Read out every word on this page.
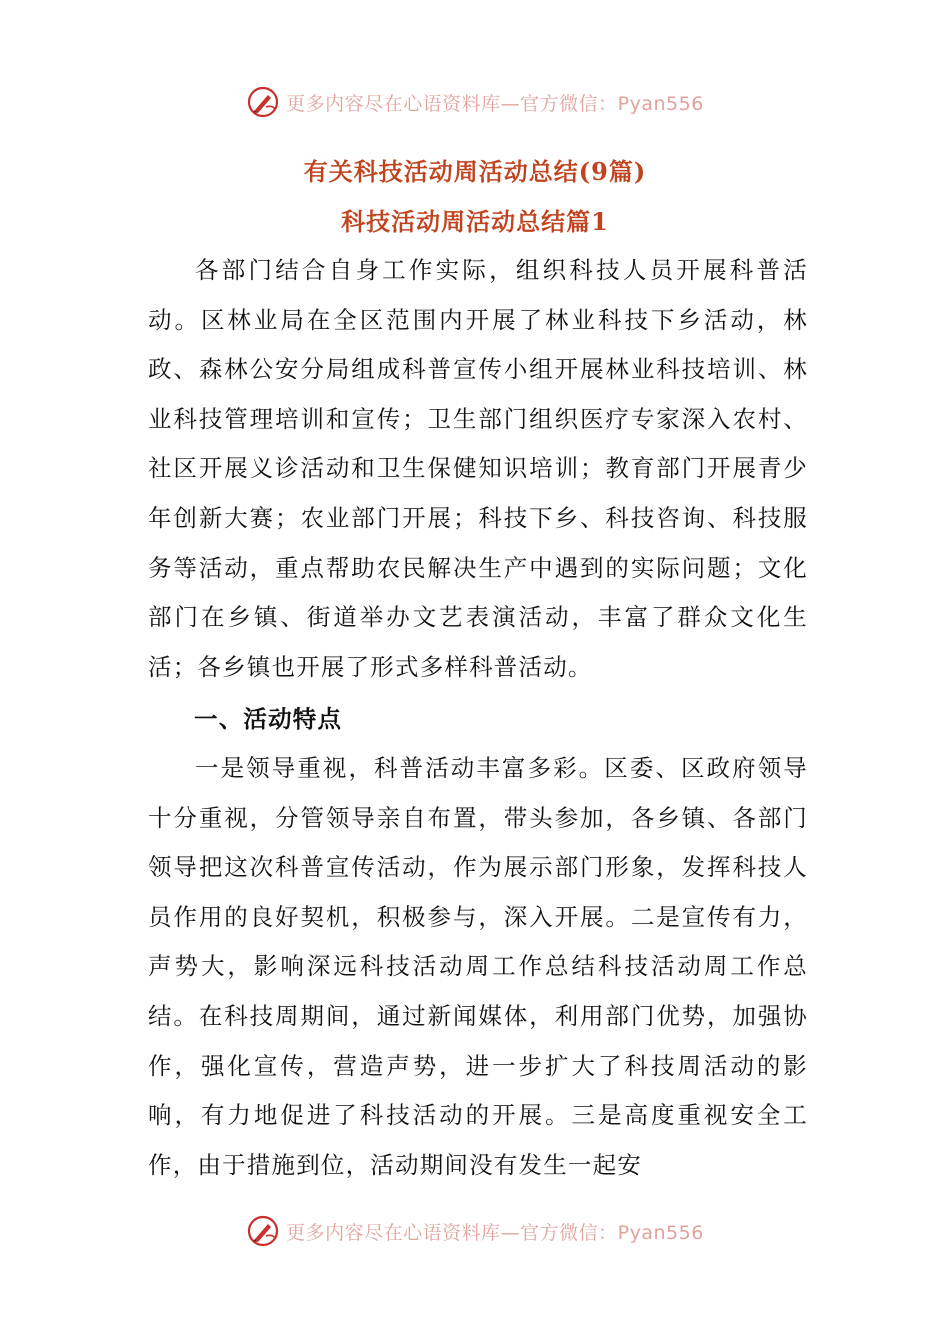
更多内容尽在心语资料库—官方微信：Pyan556
有关科技活动周活动总结(9篇)
科技活动周活动总结篇1

各部门结合自身工作实际，组织科技人员开展科普活动。区林业局在全区范围内开展了林业科技下乡活动，林政、森林公安分局组成科普宣传小组开展林业科技培训、林业科技管理培训和宣传；卫生部门组织医疗专家深入农村、社区开展义诊活动和卫生保健知识培训；教育部门开展青少年创新大赛；农业部门开展；科技下乡、科技咨询、科技服务等活动，重点帮助农民解决生产中遇到的实际问题；文化部门在乡镇、街道举办文艺表演活动，丰富了群众文化生活；各乡镇也开展了形式多样科普活动。

一、活动特点

一是领导重视，科普活动丰富多彩。区委、区政府领导十分重视，分管领导亲自布置，带头参加，各乡镇、各部门领导把这次科普宣传活动，作为展示部门形象，发挥科技人员作用的良好契机，积极参与，深入开展。二是宣传有力，声势大，影响深远科技活动周工作总结科技活动周工作总结。在科技周期间，通过新闻媒体，利用部门优势，加强协作，强化宣传，营造声势，进一步扩大了科技周活动的影响，有力地促进了科技活动的开展。三是高度重视安全工作，由于措施到位，活动期间没有发生一起安

更多内容尽在心语资料库—官方微信：Pyan556
